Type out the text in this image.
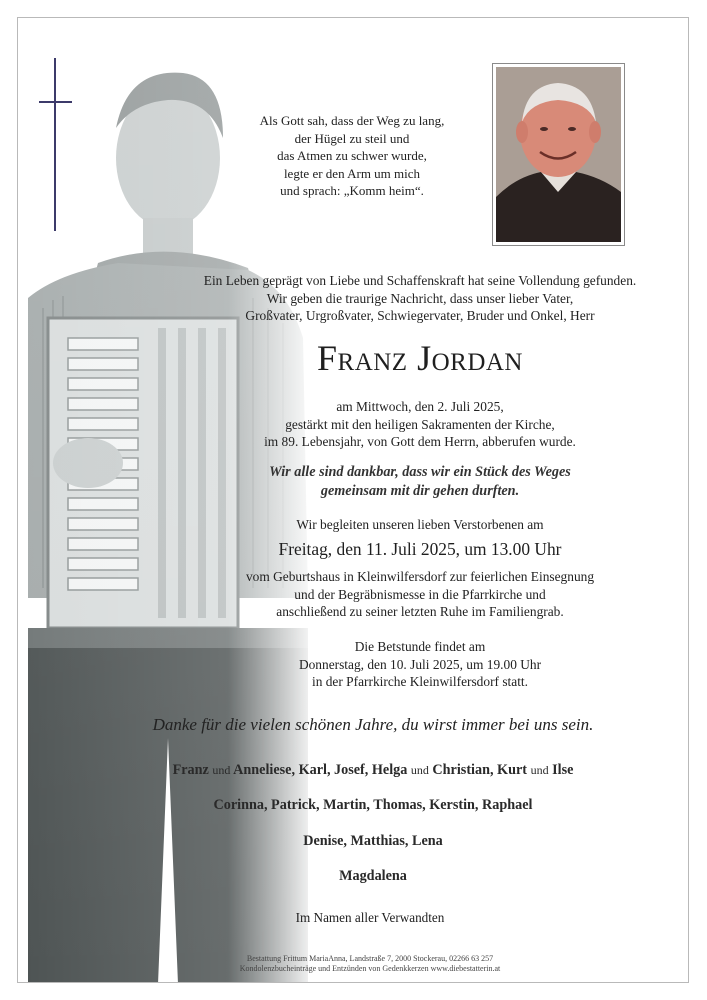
Als Gott sah, dass der Weg zu lang,
der Hügel zu steil und
das Atmen zu schwer wurde,
legte er den Arm um mich
und sprach: „Komm heim“.
Ein Leben geprägt von Liebe und Schaffenskraft hat seine Vollendung gefunden.
Wir geben die traurige Nachricht, dass unser lieber Vater,
Großvater, Urgroßvater, Schwiegervater, Bruder und Onkel, Herr
Franz Jordan
am Mittwoch, den 2. Juli 2025,
gestärkt mit den heiligen Sakramenten der Kirche,
im 89. Lebensjahr, von Gott dem Herrn, abberufen wurde.
Wir alle sind dankbar, dass wir ein Stück des Weges
gemeinsam mit dir gehen durften.
Wir begleiten unseren lieben Verstorbenen am
Freitag, den 11. Juli 2025, um 13.00 Uhr
vom Geburtshaus in Kleinwilfersdorf zur feierlichen Einsegnung
und der Begräbnismesse in die Pfarrkirche und
anschließend zu seiner letzten Ruhe im Familiengrab.
Die Betstunde findet am
Donnerstag, den 10. Juli 2025, um 19.00 Uhr
in der Pfarrkirche Kleinwilfersdorf statt.
Danke für die vielen schönen Jahre, du wirst immer bei uns sein.
Franz und Anneliese, Karl, Josef, Helga und Christian, Kurt und Ilse
Corinna, Patrick, Martin, Thomas, Kerstin, Raphael
Denise, Matthias, Lena
Magdalena
Im Namen aller Verwandten
Bestattung Frittum MariaAnna, Landstraße 7, 2000 Stockerau, 02266 63 257
Kondolenzbucheinträge und Entzünden von Gedenkkerzen www.diebestatterin.at
